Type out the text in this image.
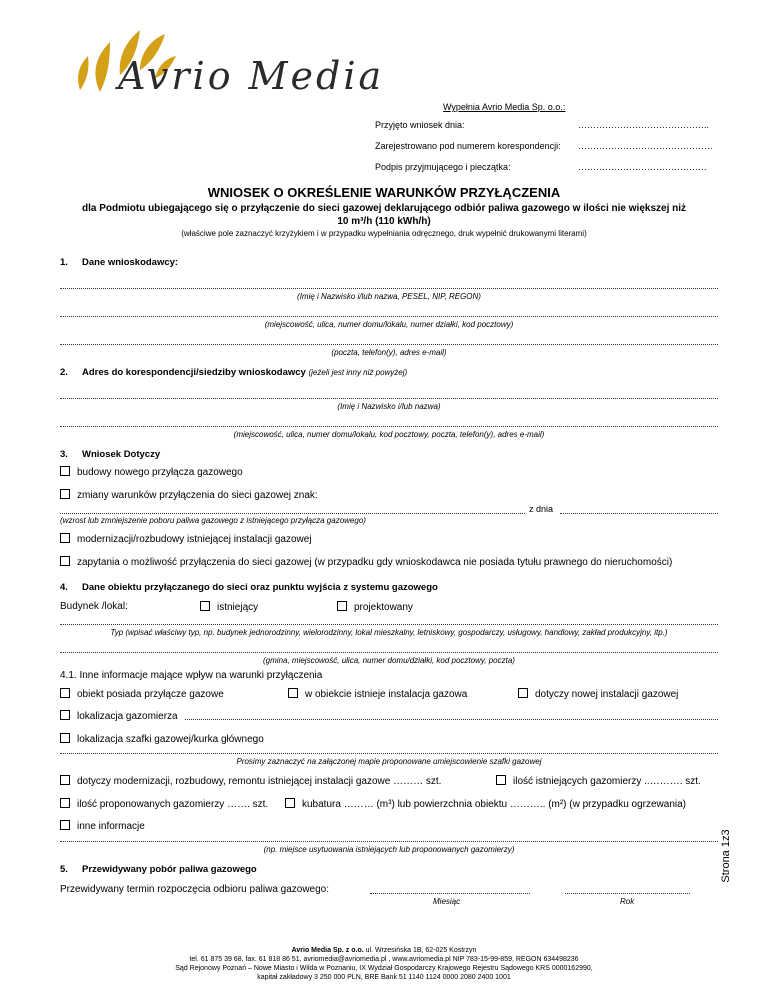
Avrio Media
Wypełnia Avrio Media Sp. o.o.:
Przyjęto wniosek dnia:	……………………………………..
Zarejestrowano pod numerem korespondencji: ………………………………………
Podpis przyjmującego i pieczątka:	…………………………………….
WNIOSEK O OKREŚLENIE WARUNKÓW PRZYŁĄCZENIA
dla Podmiotu ubiegającego się o przyłączenie do sieci gazowej deklarującego odbiór paliwa gazowego w ilości nie większej niż
10 m³/h (110 kWh/h)
(właściwe pole zaznaczyć krzyżykiem i w przypadku wypełniania odręcznego, druk wypełnić drukowanymi literami)
1. Dane wnioskodawcy:
(Imię i Nazwisko i/lub nazwa, PESEL, NIP, REGON)
(miejscowość, ulica, numer domu/lokalu, numer działki, kod pocztowy)
(poczta, telefon(y), adres e-mail)
2. Adres do korespondencji/siedziby wnioskodawcy (jeżeli jest inny niż powyżej)
(Imię i Nazwisko i/lub nazwa)
(miejscowość, ulica, numer domu/lokalu, kod pocztowy, poczta, telefon(y), adres e-mail)
3. Wniosek Dotyczy
budowy nowego przyłącza gazowego
zmiany warunków przyłączenia do sieci gazowej znak:
z dnia
(wzrost lub zmniejszenie poboru paliwa gazowego z istniejącego przyłącza gazowego)
modernizacji/rozbudowy istniejącej instalacji gazowej
zapytania o możliwość przyłączenia do sieci gazowej (w przypadku gdy wnioskodawca nie posiada tytułu prawnego do nieruchomości)
4. Dane obiektu przyłączanego do sieci oraz punktu wyjścia z systemu gazowego
Budynek /lokal:	istniejący	projektowany
Typ (wpisać właściwy typ, np. budynek jednorodzinny, wielorodzinny, lokal mieszkalny, letniskowy, gospodarczy, usługowy, handlowy, zakład produkcyjny, itp.)
(gmina, miejscowość, ulica, numer domu/działki, kod pocztowy, poczta)
4.1. Inne informacje mające wpływ na warunki przyłączenia
obiekt posiada przyłącze gazowe	w obiekcie istnieje instalacja gazowa	dotyczy nowej instalacji gazowej
lokalizacja gazomierza
lokalizacja szafki gazowej/kurka głównego
Prosimy zaznaczyć na załączonej mapie proponowane umiejscowienie szafki gazowej
dotyczy modernizacji, rozbudowy, remontu istniejącej instalacji gazowe ……… szt.	ilość istniejących gazomierzy ..………. szt.
ilość proponowanych gazomierzy ……. szt.	kubatura ……… (m³) lub powierzchnia obiektu ……….. (m²) (w przypadku ogrzewania)
inne informacje
(np. miejsce usytuowania istniejących lub proponowanych gazomierzy)
5. Przewidywany pobór paliwa gazowego
Przewidywany termin rozpoczęcia odbioru paliwa gazowego:
Miesiąc	Rok
Strona 1z3
Avrio Media Sp. z o.o. ul. Wrzesińska 1B, 62-025 Kostrzyn
tel. 61 875 39 68, fax. 61 818 86 51, avriomedia@avriomedia.pl , www.avriomedia.pl NIP 783-15-99-859, REGON 634498236
Sąd Rejonowy Poznań – Nowe Miasto i Wilda w Poznaniu, IX Wydział Gospodarczy Krajowego Rejestru Sądowego KRS 0000162990,
kapitał zakładowy 3 250 000 PLN, BRE Bank 51 1140 1124 0000 2080 2400 1001
